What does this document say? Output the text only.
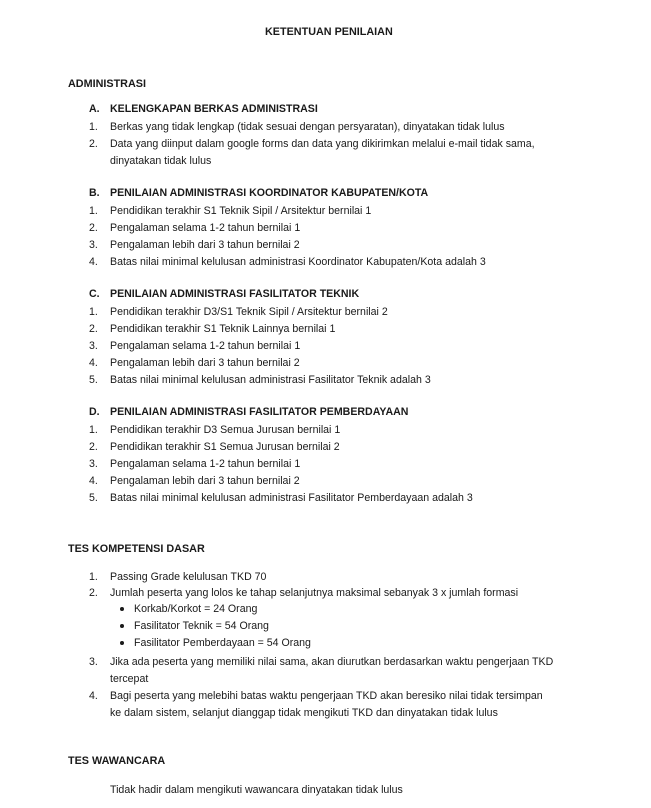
KETENTUAN PENILAIAN
ADMINISTRASI
A. KELENGKAPAN BERKAS ADMINISTRASI
1. Berkas yang tidak lengkap (tidak sesuai dengan persyaratan), dinyatakan tidak lulus
2. Data yang diinput dalam google forms dan data yang dikirimkan melalui e-mail tidak sama,
dinyatakan tidak lulus
B. PENILAIAN ADMINISTRASI KOORDINATOR KABUPATEN/KOTA
1. Pendidikan terakhir S1 Teknik Sipil / Arsitektur bernilai 1
2. Pengalaman selama 1-2 tahun bernilai 1
3. Pengalaman lebih dari 3 tahun bernilai 2
4. Batas nilai minimal kelulusan administrasi Koordinator Kabupaten/Kota adalah 3
C. PENILAIAN ADMINISTRASI FASILITATOR TEKNIK
1. Pendidikan terakhir D3/S1 Teknik Sipil / Arsitektur bernilai 2
2. Pendidikan terakhir S1 Teknik Lainnya bernilai 1
3. Pengalaman selama 1-2 tahun bernilai 1
4. Pengalaman lebih dari 3 tahun bernilai 2
5. Batas nilai minimal kelulusan administrasi Fasilitator Teknik adalah 3
D. PENILAIAN ADMINISTRASI FASILITATOR PEMBERDAYAAN
1. Pendidikan terakhir D3 Semua Jurusan bernilai 1
2. Pendidikan terakhir S1 Semua Jurusan bernilai 2
3. Pengalaman selama 1-2 tahun bernilai 1
4. Pengalaman lebih dari 3 tahun bernilai 2
5. Batas nilai minimal kelulusan administrasi Fasilitator Pemberdayaan adalah 3
TES KOMPETENSI DASAR
1. Passing Grade kelulusan TKD 70
2. Jumlah peserta yang lolos ke tahap selanjutnya maksimal sebanyak 3 x jumlah formasi
Korkab/Korkot = 24 Orang
Fasilitator Teknik = 54 Orang
Fasilitator Pemberdayaan = 54 Orang
3. Jika ada peserta yang memiliki nilai sama, akan diurutkan berdasarkan waktu pengerjaan TKD
tercepat
4. Bagi peserta yang melebihi batas waktu pengerjaan TKD akan beresiko nilai tidak tersimpan
ke dalam sistem, selanjut dianggap tidak mengikuti TKD dan dinyatakan tidak lulus
TES WAWANCARA
Tidak hadir dalam mengikuti wawancara dinyatakan tidak lulus
